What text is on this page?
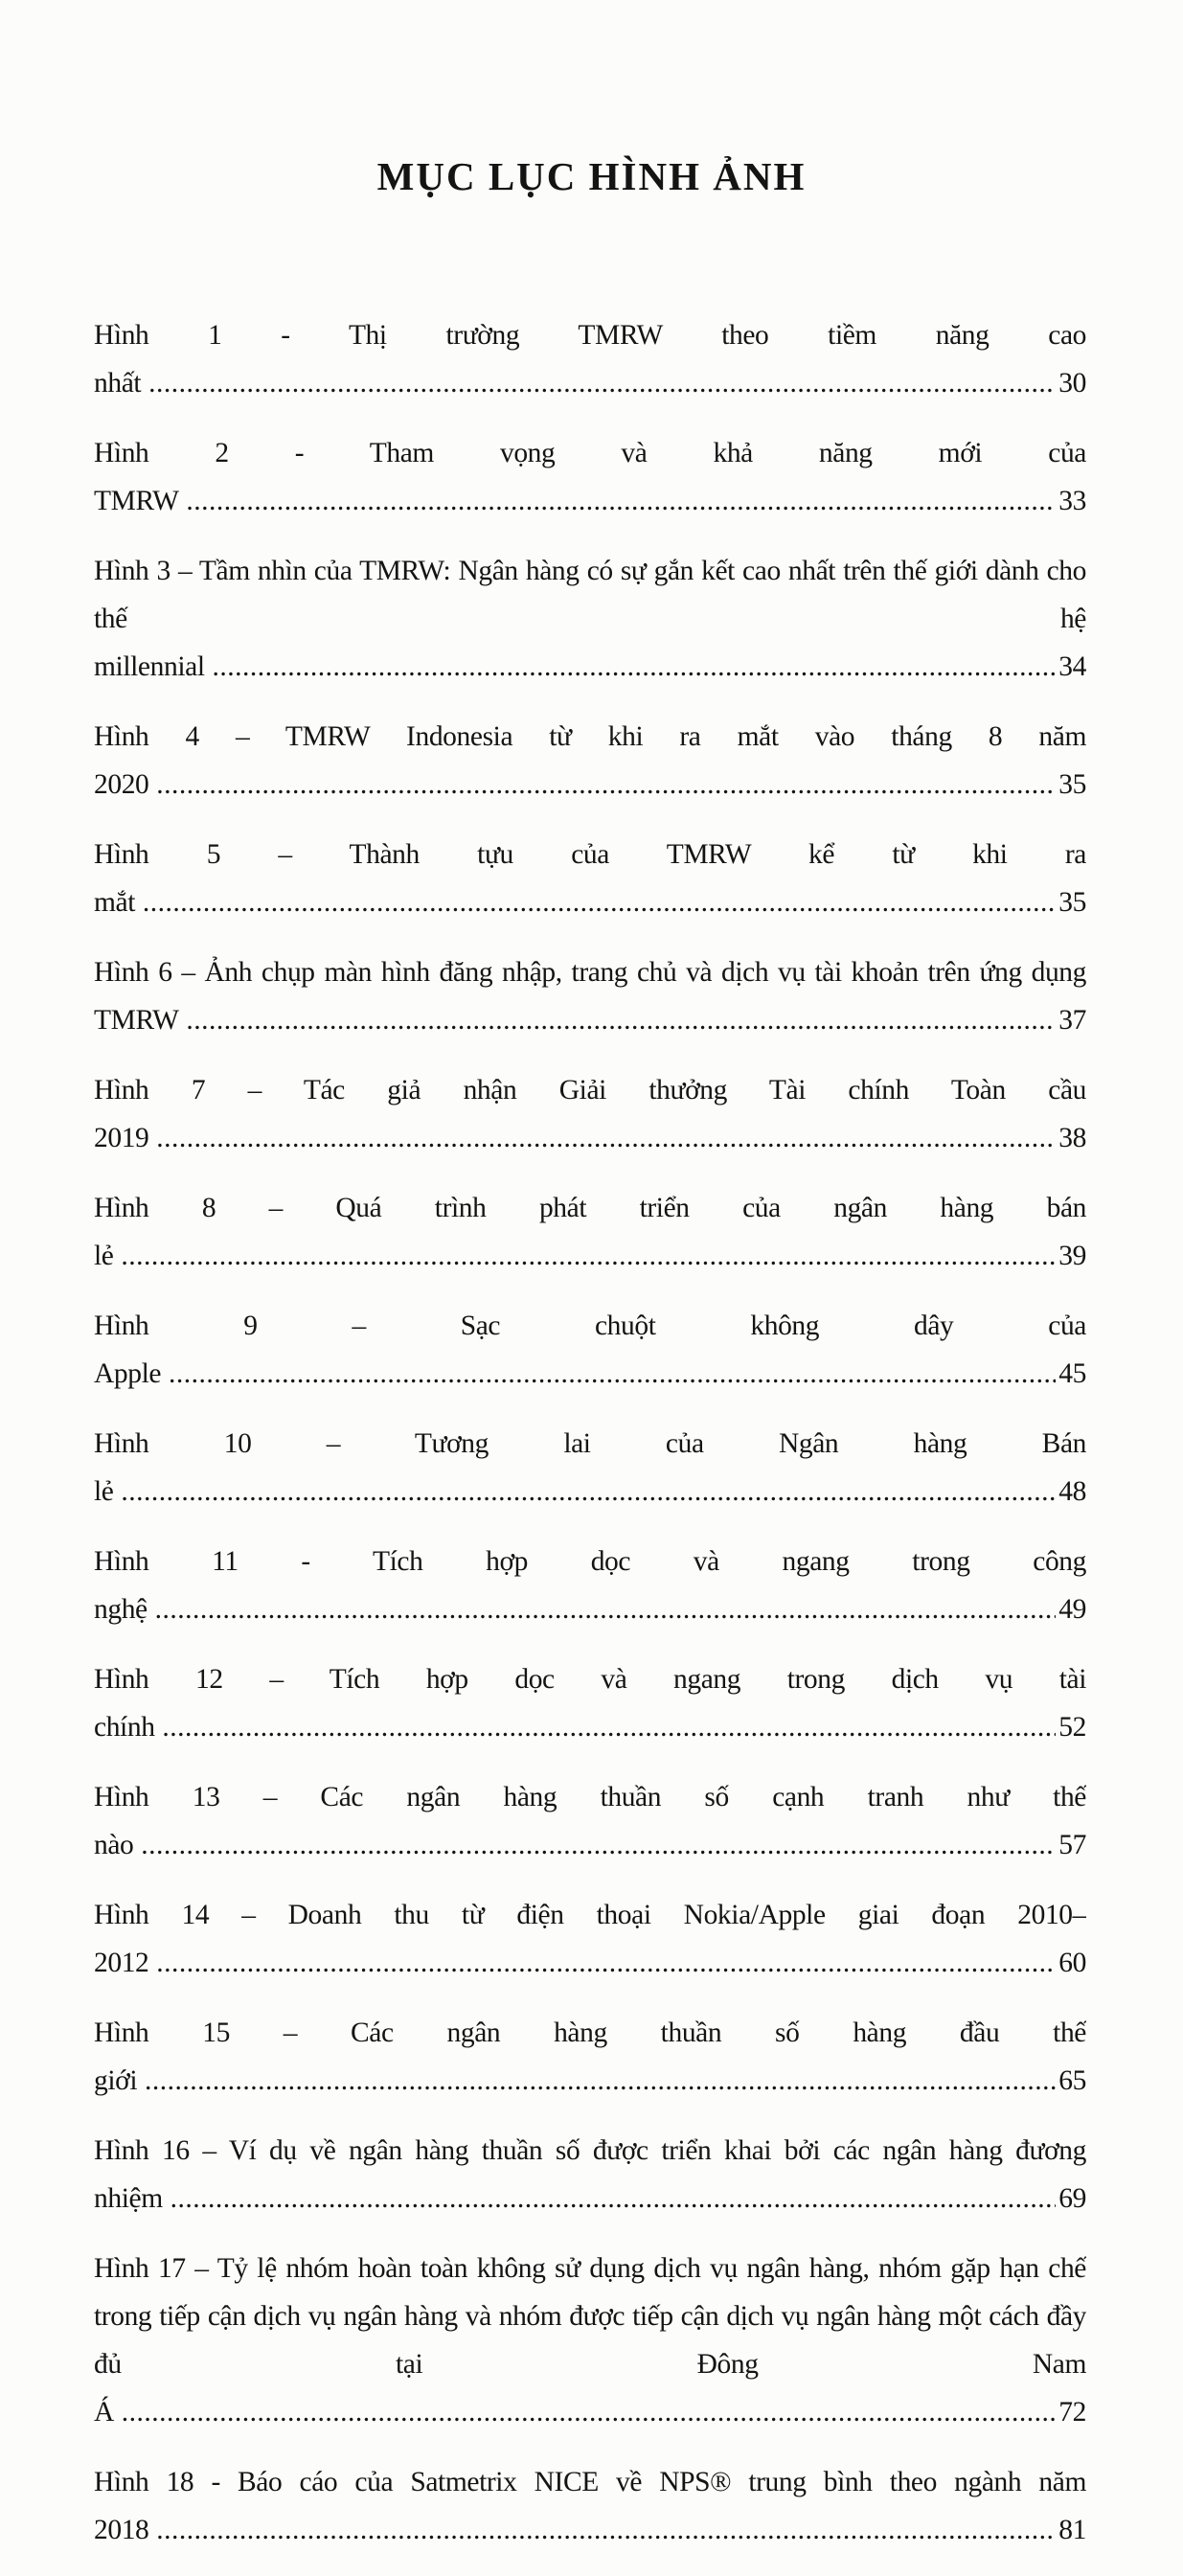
MỤC LỤC HÌNH ẢNH
Hình 1 - Thị trường TMRW theo tiềm năng cao nhất .....	30
Hình 2 - Tham vọng và khả năng mới của TMRW .....	33
Hình 3 – Tầm nhìn của TMRW: Ngân hàng có sự gắn kết cao nhất trên thế giới dành cho thế hệ millennial .....	34
Hình 4 – TMRW Indonesia từ khi ra mắt vào tháng 8 năm 2020 .....	35
Hình 5 – Thành tựu của TMRW kể từ khi ra mắt .....	35
Hình 6 – Ảnh chụp màn hình đăng nhập, trang chủ và dịch vụ tài khoản trên ứng dụng TMRW .....	37
Hình 7 – Tác giả nhận Giải thưởng Tài chính Toàn cầu 2019 .....	38
Hình 8 – Quá trình phát triển của ngân hàng bán lẻ .....	39
Hình 9 – Sạc chuột không dây của Apple .....	45
Hình 10 – Tương lai của Ngân hàng Bán lẻ .....	48
Hình 11 - Tích hợp dọc và ngang trong công nghệ .....	49
Hình 12 – Tích hợp dọc và ngang trong dịch vụ tài chính .....	52
Hình 13 – Các ngân hàng thuần số cạnh tranh như thế nào .....	57
Hình 14 – Doanh thu từ điện thoại Nokia/Apple giai đoạn 2010–2012 .....	60
Hình 15 – Các ngân hàng thuần số hàng đầu thế giới .....	65
Hình 16 – Ví dụ về ngân hàng thuần số được triển khai bởi các ngân hàng đương nhiệm .....	69
Hình 17 – Tỷ lệ nhóm hoàn toàn không sử dụng dịch vụ ngân hàng, nhóm gặp hạn chế trong tiếp cận dịch vụ ngân hàng và nhóm được tiếp cận dịch vụ ngân hàng một cách đầy đủ tại Đông Nam Á .....	72
Hình 18 - Báo cáo của Satmetrix NICE về NPS® trung bình theo ngành năm 2018 .....	81
